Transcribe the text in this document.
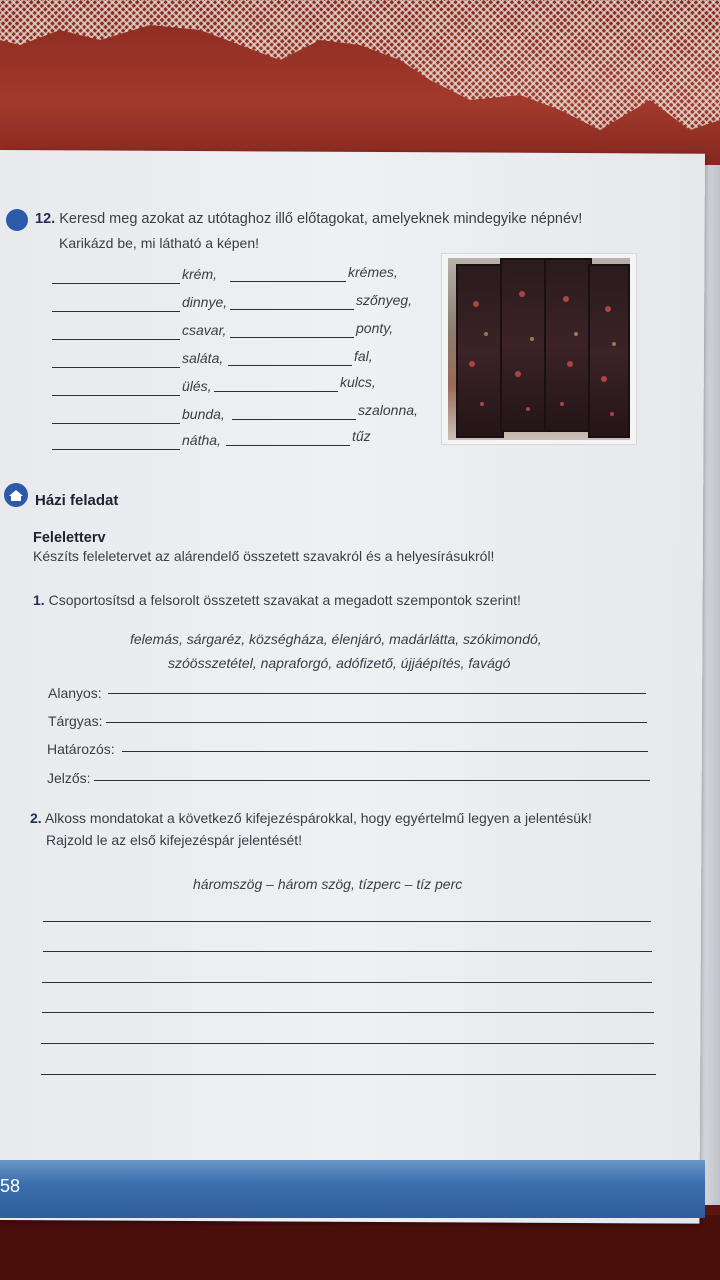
12. Keresd meg azokat az utótaghoz illő előtagokat, amelyeknek mindegyike népnév!
Karikázd be, mi látható a képen!
krém,	krémes,
dinnye,	szőnyeg,
csavar,	ponty,
saláta,	fal,
ülés,	kulcs,
bunda,	szalonna,
nátha,	tűz
Házi feladat
Feleletterv
Készíts feleletervet az alárendelő összetett szavakról és a helyesírásukról!
1. Csoportosítsd a felsorolt összetett szavakat a megadott szempontok szerint!
felemás, sárgaréz, községháza, élenjáró, madárlátta, szókimondó,
szóösszetétel, napraforgó, adófizető, újjáépítés, favágó
Alanyos:
Tárgyas:
Határozós:
Jelzős:
2. Alkoss mondatokat a következő kifejezéspárokkal, hogy egyértelmű legyen a jelentésük!
Rajzold le az első kifejezéspár jelentését!
háromszög – három szög, tízperc – tíz perc
58
